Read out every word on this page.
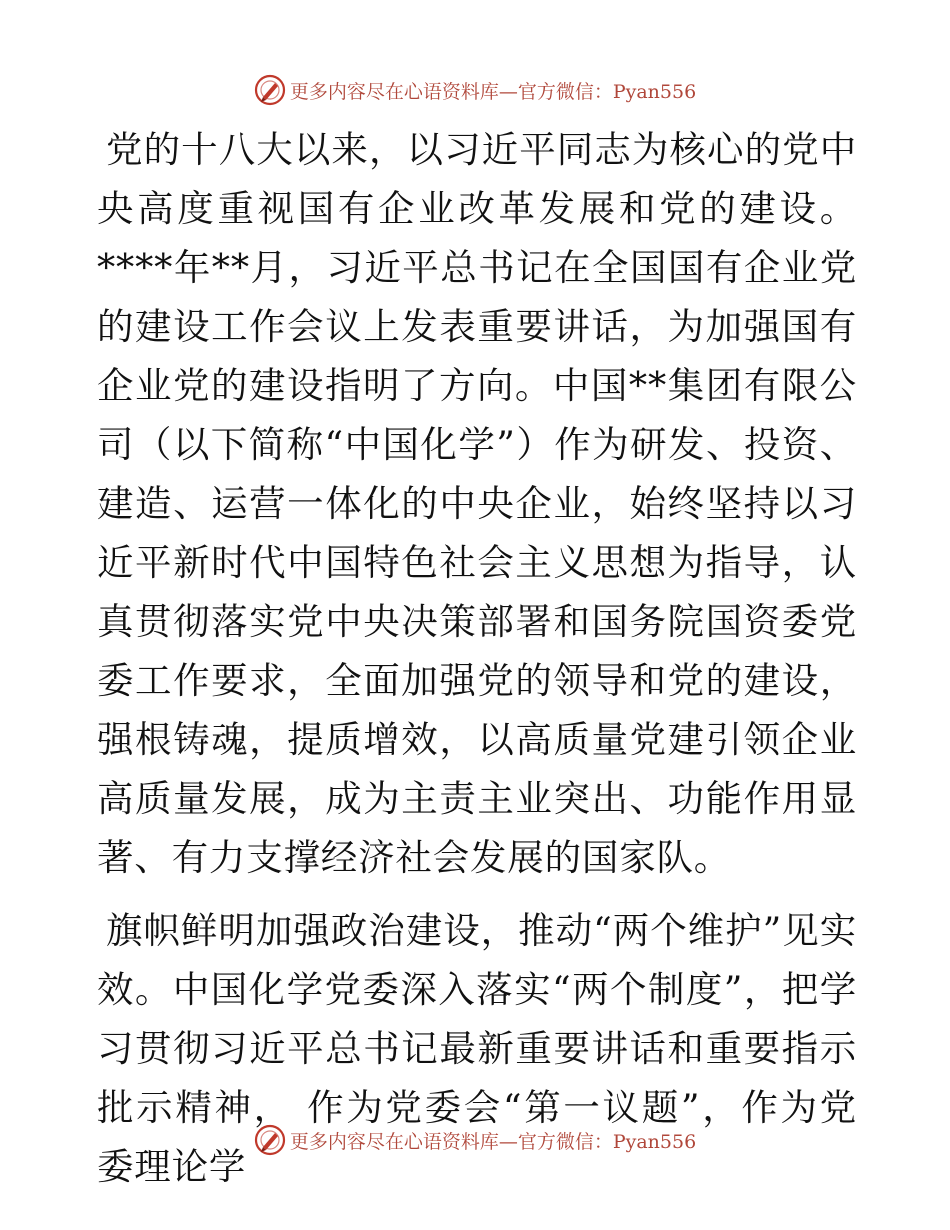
更多内容尽在心语资料库—官方微信：Pyan556

党的十八大以来，以习近平同志为核心的党中央高度重视国有企业改革发展和党的建设。****年**月，习近平总书记在全国国有企业党的建设工作会议上发表重要讲话，为加强国有企业党的建设指明了方向。中国**集团有限公司（以下简称“中国化学”）作为研发、投资、建造、运营一体化的中央企业，始终坚持以习近平新时代中国特色社会主义思想为指导，认真贯彻落实党中央决策部署和国务院国资委党委工作要求，全面加强党的领导和党的建设， 强根铸魂，提质增效，以高质量党建引领企业高质量发展，成为主责主业突出、功能作用显著、有力支撑经济社会发展的国家队。

旗帜鲜明加强政治建设，推动“两个维护”见实效。中国化学党委深入落实“两个制度”，把学习贯彻习近平总书记最新重要讲话和重要指示批示精神， 作为党委会“第一议题”，作为党委理论学

更多内容尽在心语资料库—官方微信：Pyan556
